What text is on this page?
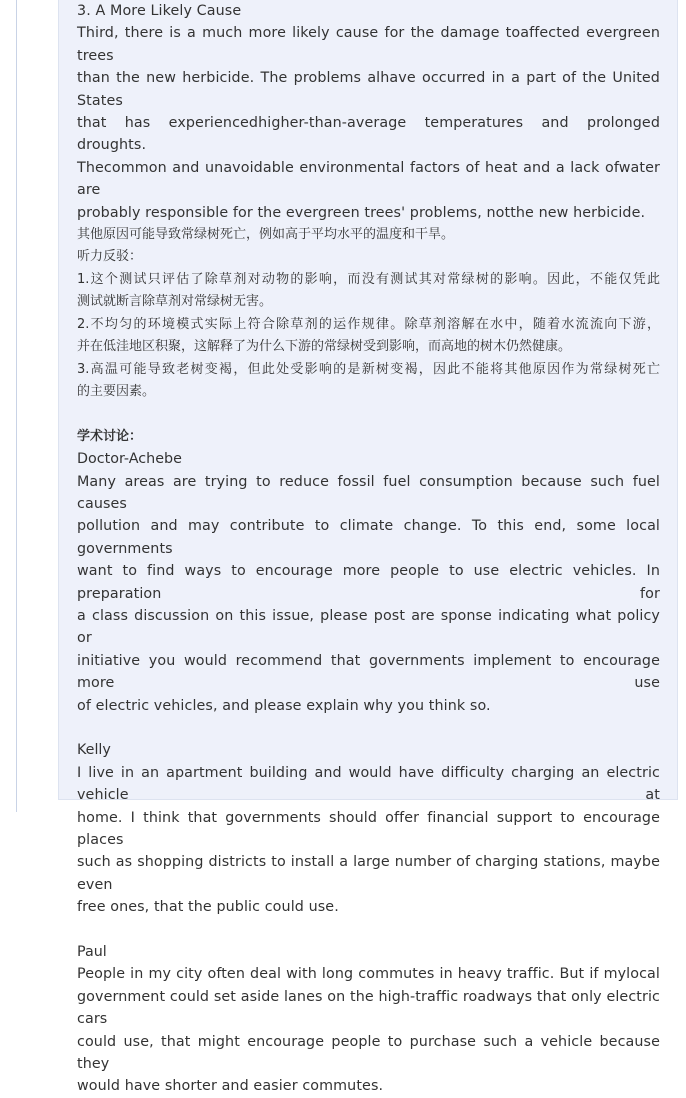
3. A More Likely Cause

Third, there is a much more likely cause for the damage toaffected evergreen trees
than the new herbicide. The problems alhave occurred in a part of the United States
that has experiencedhigher-than-average temperatures and prolonged droughts.
Thecommon and unavoidable environmental factors of heat and a lack ofwater are
probably responsible for the evergreen trees' problems, notthe new herbicide.

其他原因可能导致常绿树死亡，例如高于平均水平的温度和干旱。

听力反驳：

1.这个测试只评估了除草剂对动物的影响，而没有测试其对常绿树的影响。因此，不能仅凭此
测试就断言除草剂对常绿树无害。

2.不均匀的环境模式实际上符合除草剂的运作规律。除草剂溶解在水中，随着水流流向下游，
并在低洼地区积聚，这解释了为什么下游的常绿树受到影响，而高地的树木仍然健康。

3.高温可能导致老树变褐，但此处受影响的是新树变褐，因此不能将其他原因作为常绿树死亡
的主要因素。

学术讨论：

Doctor-Achebe

Many areas are trying to reduce fossil fuel consumption because such fuel causes
pollution and may contribute to climate change. To this end, some local governments
want to find ways to encourage more people to use electric vehicles. In preparation for
a class discussion on this issue, please post are sponse indicating what policy or
initiative you would recommend that governments implement to encourage more use
of electric vehicles, and please explain why you think so.

Kelly

I live in an apartment building and would have difficulty charging an electric vehicle at
home. I think that governments should offer financial support to encourage places
such as shopping districts to install a large number of charging stations, maybe even
free ones, that the public could use.

Paul

People in my city often deal with long commutes in heavy traffic. But if mylocal
government could set aside lanes on the high-traffic roadways that only electric cars
could use, that might encourage people to purchase such a vehicle because they
would have shorter and easier commutes.
